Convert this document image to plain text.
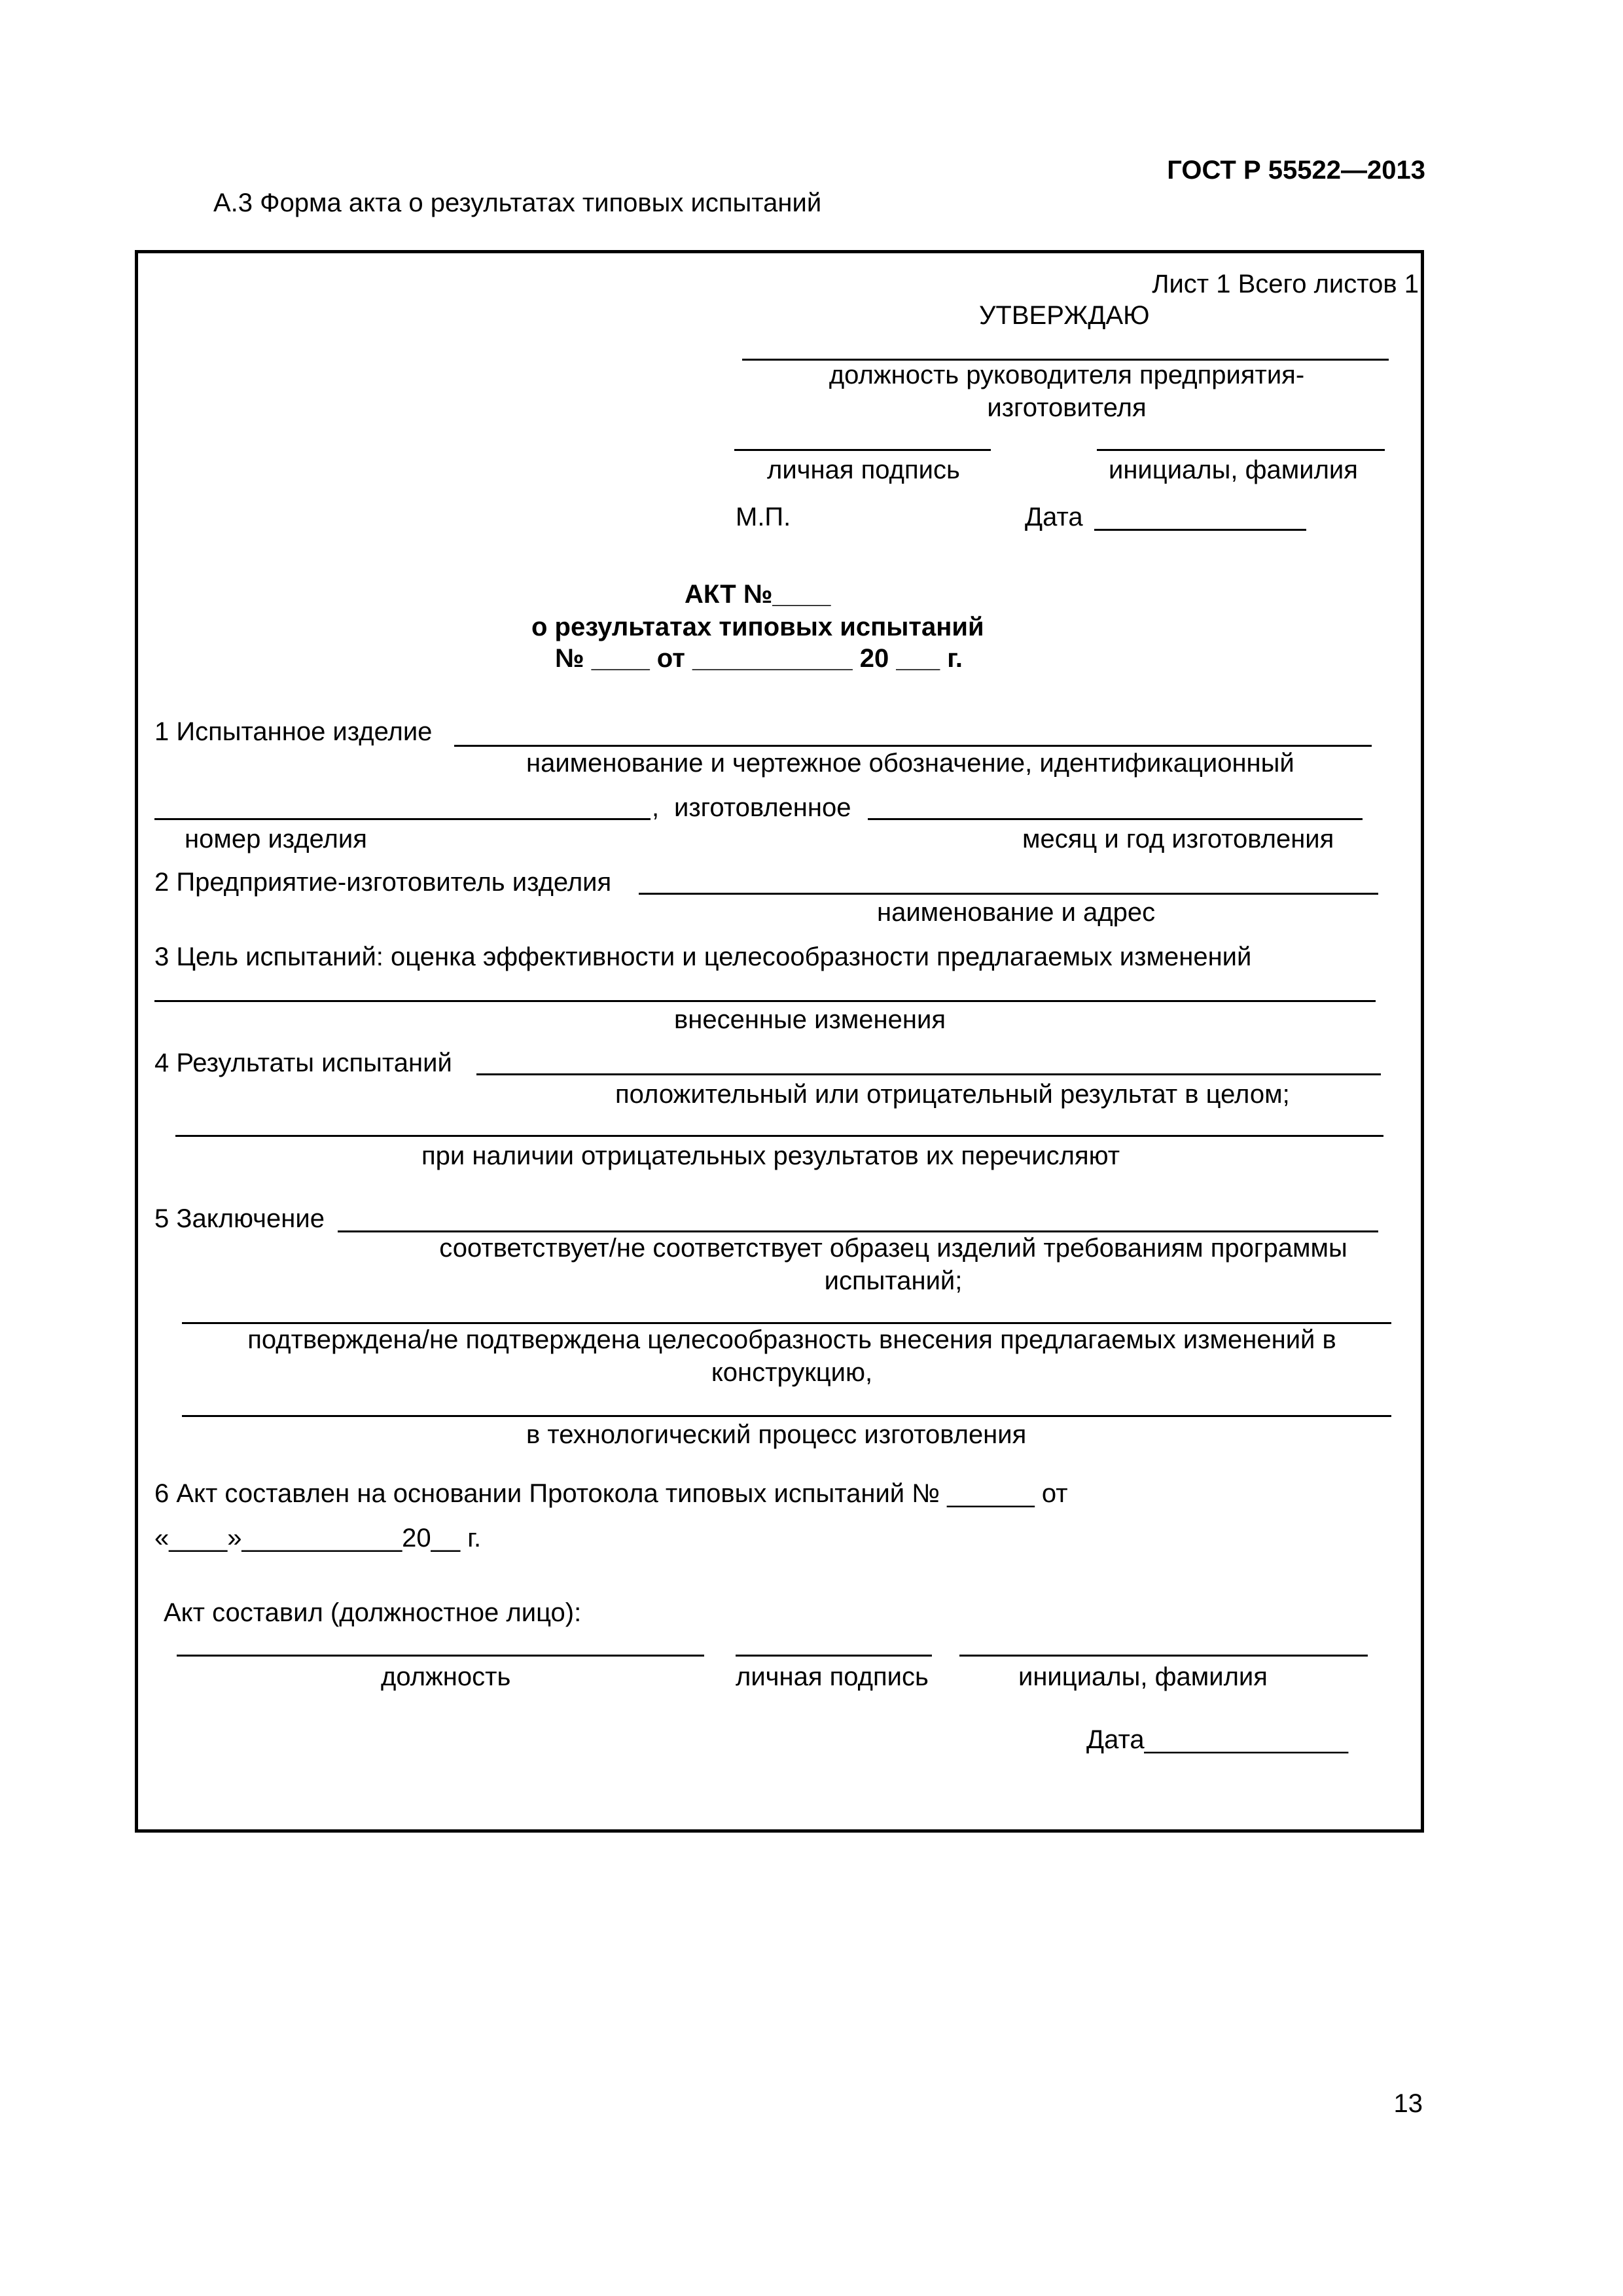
ГОСТ Р 55522—2013
А.3 Форма акта о результатах типовых испытаний
Лист 1 Всего листов 1
УТВЕРЖДАЮ
должность руководителя предприятия-изготовителя
личная подпись	инициалы, фамилия
М.П.	Дата
АКТ №____
о результатах типовых испытаний
№ ____ от ___________ 20 ___ г.
1 Испытанное изделие
наименование и чертежное обозначение, идентификационный
, изготовленное
номер изделия	месяц и год изготовления
2 Предприятие-изготовитель изделия
наименование и адрес
3 Цель испытаний: оценка эффективности и целесообразности предлагаемых изменений
внесенные изменения
4 Результаты испытаний
положительный или отрицательный результат в целом;
при наличии отрицательных результатов их перечисляют
5 Заключение
соответствует/не соответствует образец изделий требованиям программы испытаний;
подтверждена/не подтверждена целесообразность внесения предлагаемых изменений в конструкцию,
в технологический процесс изготовления
6 Акт составлен на основании Протокола типовых испытаний № ______ от
«____»___________20__ г.
Акт составил (должностное лицо):
должность	личная подпись	инициалы, фамилия
Дата______________
13
